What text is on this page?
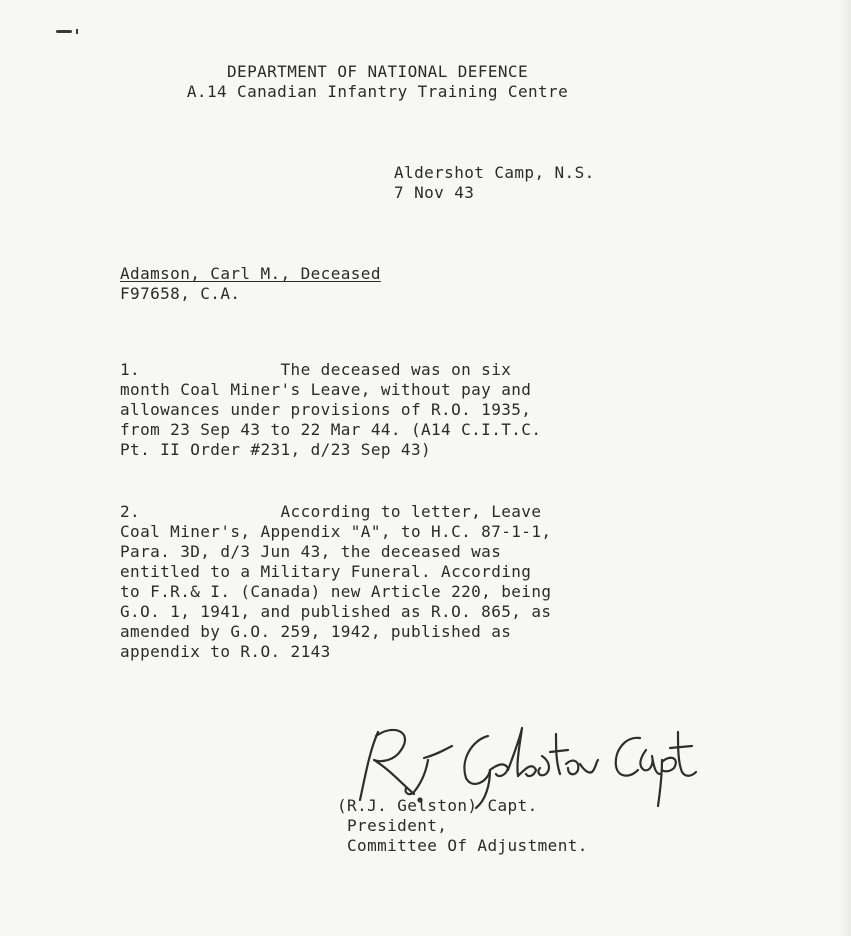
DEPARTMENT OF NATIONAL DEFENCE
A.14 Canadian Infantry Training Centre
Aldershot Camp, N.S.
7 Nov 43
Adamson, Carl M., Deceased
F97658, C.A.
1.              The deceased was on six
month Coal Miner's Leave, without pay and
allowances under provisions of R.O. 1935,
from 23 Sep 43 to 22 Mar 44. (A14 C.I.T.C.
Pt. II Order #231, d/23 Sep 43)
2.              According to letter, Leave
Coal Miner's, Appendix "A", to H.C. 87-1-1,
Para. 3D, d/3 Jun 43, the deceased was
entitled to a Military Funeral. According
to F.R.& I. (Canada) new Article 220, being
G.O. 1, 1941, and published as R.O. 865, as
amended by G.O. 259, 1942, published as
appendix to R.O. 2143
(R.J. Gelston) Capt.
President,
Committee Of Adjustment.
